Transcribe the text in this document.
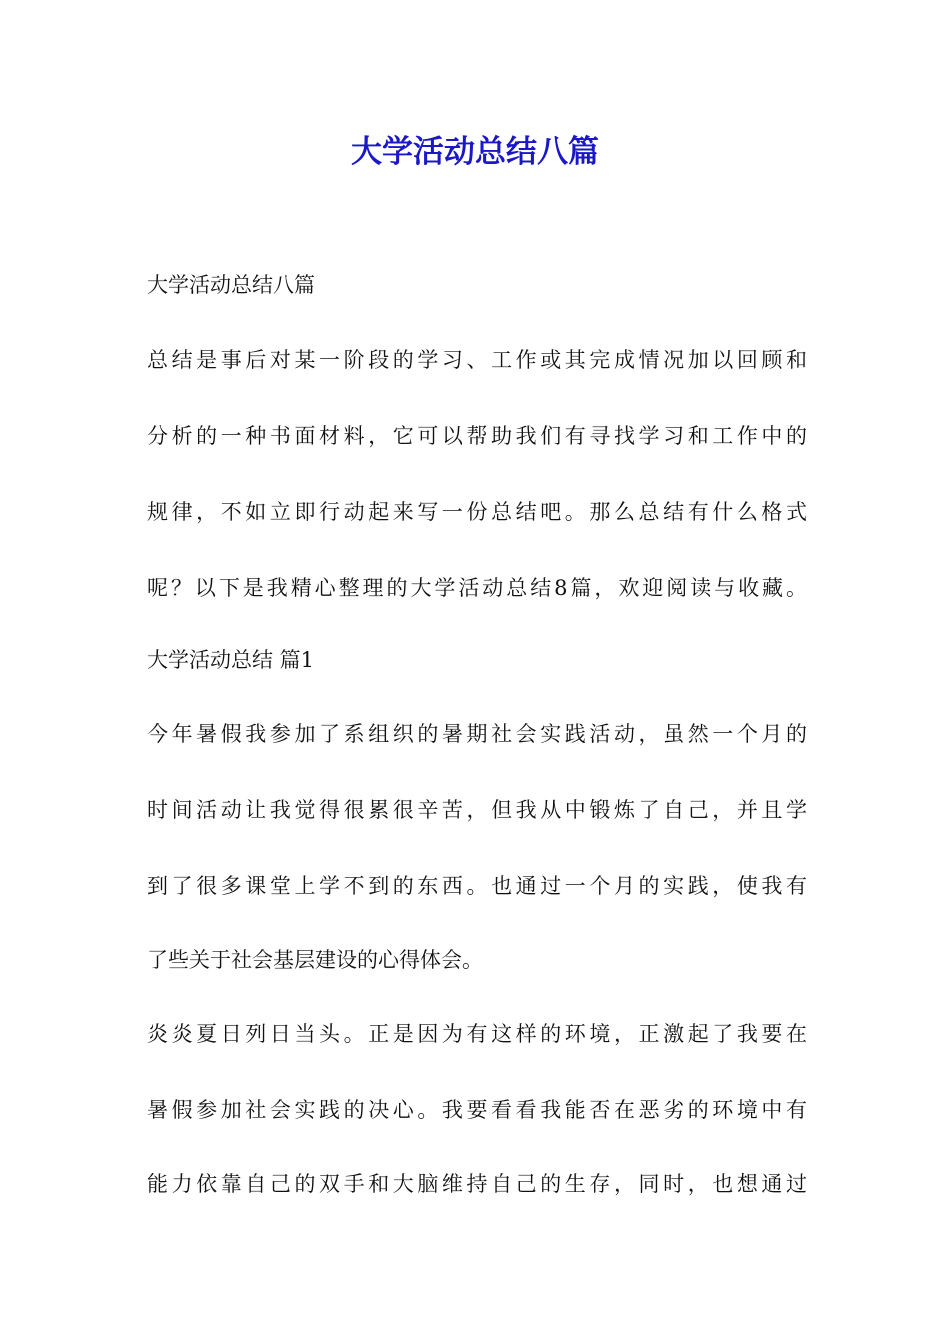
大学活动总结八篇
大学活动总结八篇
总结是事后对某一阶段的学习、工作或其完成情况加以回顾和
分析的一种书面材料，它可以帮助我们有寻找学习和工作中的
规律，不如立即行动起来写一份总结吧。那么总结有什么格式
呢？以下是我精心整理的大学活动总结8篇，欢迎阅读与收藏。
大学活动总结 篇1
今年暑假我参加了系组织的暑期社会实践活动，虽然一个月的
时间活动让我觉得很累很辛苦，但我从中锻炼了自己，并且学
到了很多课堂上学不到的东西。也通过一个月的实践，使我有
了些关于社会基层建设的心得体会。
炎炎夏日列日当头。正是因为有这样的环境，正激起了我要在
暑假参加社会实践的决心。我要看看我能否在恶劣的环境中有
能力依靠自己的双手和大脑维持自己的生存，同时，也想通过
